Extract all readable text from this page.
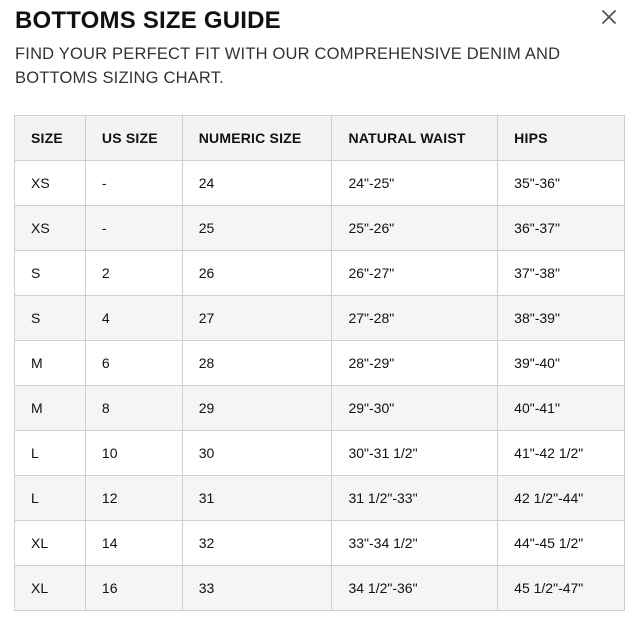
BOTTOMS SIZE GUIDE

FIND YOUR PERFECT FIT WITH OUR COMPREHENSIVE DENIM AND BOTTOMS SIZING CHART.

SIZE	US SIZE	NUMERIC SIZE	NATURAL WAIST	HIPS
XS	-	24	24"-25"	35"-36"
XS	-	25	25"-26"	36"-37"
S	2	26	26"-27"	37"-38"
S	4	27	27"-28"	38"-39"
M	6	28	28"-29"	39"-40"
M	8	29	29"-30"	40"-41"
L	10	30	30"-31 1/2"	41"-42 1/2"
L	12	31	31 1/2"-33"	42 1/2"-44"
XL	14	32	33"-34 1/2"	44"-45 1/2"
XL	16	33	34 1/2"-36"	45 1/2"-47"
